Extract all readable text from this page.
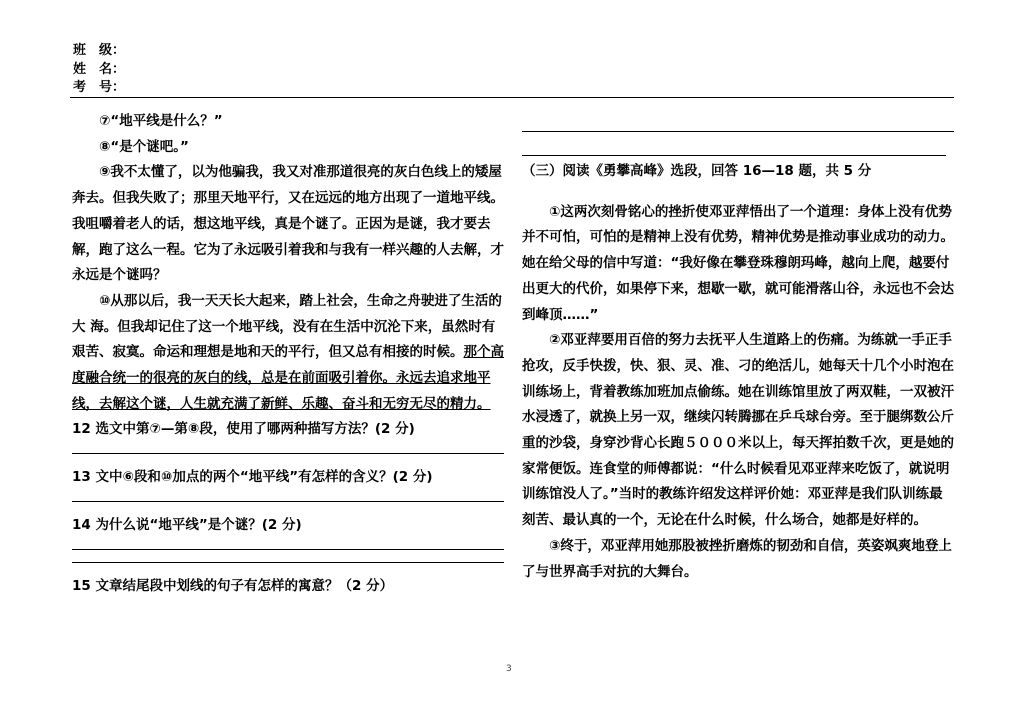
班　级：
姓　名：
考　号：

⑦“地平线是什么？”

⑧“是个谜吧。”

⑨我不太懂了，以为他骗我，我又对准那道很亮的灰白色线上的矮屋奔去。但我失败了；那里天地平行，又在远远的地方出现了一道地平线。我咀嚼着老人的话，想这地平线，真是个谜了。正因为是谜，我才要去解，跑了这么一程。它为了永远吸引着我和与我有一样兴趣的人去解，才永远是个谜吗？

⑩从那以后，我一天天长大起来，踏上社会，生命之舟驶进了生活的大 海。但我却记住了这一个地平线，没有在生活中沉沦下来，虽然时有艰苦、寂寞。命运和理想是地和天的平行，但又总有相接的时候。那个高度融合统一的很亮的灰白的线，总是在前面吸引着你。永远去追求地平线，去解这个谜，人生就充满了新鲜、乐趣、奋斗和无穷无尽的精力。

12 选文中第⑦—第⑧段，使用了哪两种描写方法？(2 分)

13 文中⑥段和⑩加点的两个“地平线”有怎样的含义？(2 分)

14 为什么说“地平线”是个谜？(2 分)

15 文章结尾段中划线的句子有怎样的寓意？（2 分）

（三）阅读《勇攀高峰》选段，回答 16—18 题，共 5 分

①这两次刻骨铭心的挫折使邓亚萍悟出了一个道理：身体上没有优势并不可怕，可怕的是精神上没有优势，精神优势是推动事业成功的动力。她在给父母的信中写道：“我好像在攀登珠穆朗玛峰，越向上爬，越要付出更大的代价，如果停下来，想歇一歇，就可能滑落山谷，永远也不会达到峰顶……”

②邓亚萍要用百倍的努力去抚平人生道路上的伤痛。为练就一手正手抢攻，反手快拨，快、狠、灵、准、刁的绝活儿，她每天十几个小时泡在训练场上，背着教练加班加点偷练。她在训练馆里放了两双鞋，一双被汗水浸透了，就换上另一双，继续闪转腾挪在乒乓球台旁。至于腿绑数公斤重的沙袋，身穿沙背心长跑５０００米以上，每天挥拍数千次，更是她的家常便饭。连食堂的师傅都说：“什么时候看见邓亚萍来吃饭了，就说明训练馆没人了。”当时的教练许绍发这样评价她：邓亚萍是我们队训练最刻苦、最认真的一个，无论在什么时候，什么场合，她都是好样的。

③终于，邓亚萍用她那股被挫折磨炼的韧劲和自信，英姿飒爽地登上了与世界高手对抗的大舞台。

3
